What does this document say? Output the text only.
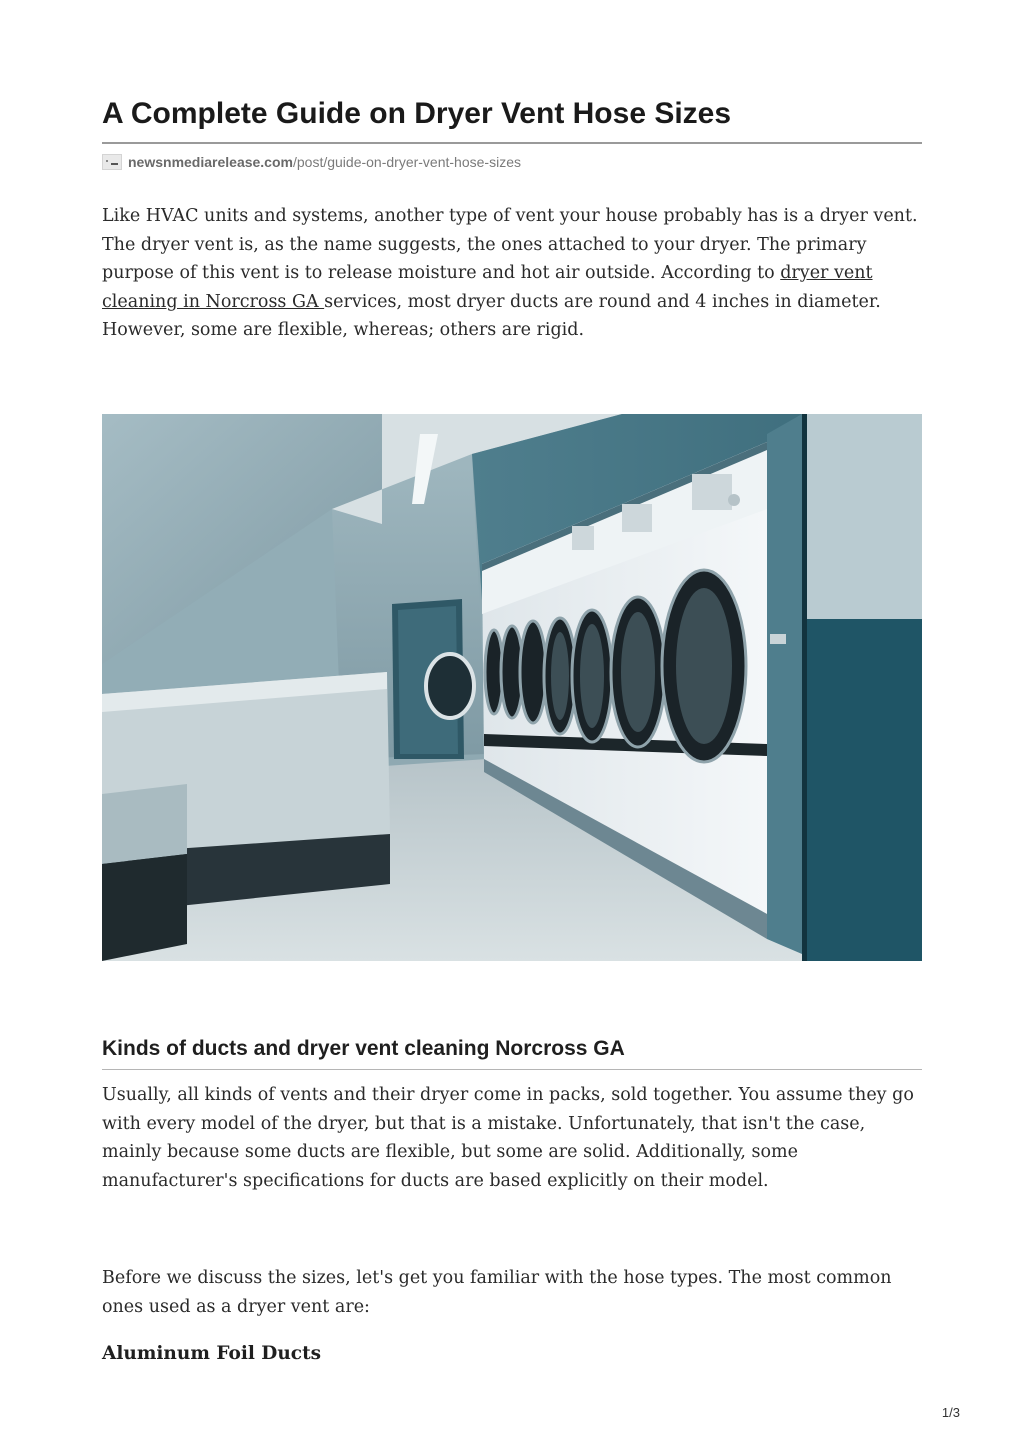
A Complete Guide on Dryer Vent Hose Sizes
newsnmediarelease.com /post/guide-on-dryer-vent-hose-sizes

Like HVAC units and systems, another type of vent your house probably has is a dryer vent. The dryer vent is, as the name suggests, the ones attached to your dryer. The primary purpose of this vent is to release moisture and hot air outside. According to dryer vent cleaning in Norcross GA services, most dryer ducts are round and 4 inches in diameter. However, some are flexible, whereas; others are rigid.

Kinds of ducts and dryer vent cleaning Norcross GA

Usually, all kinds of vents and their dryer come in packs, sold together. You assume they go with every model of the dryer, but that is a mistake. Unfortunately, that isn't the case, mainly because some ducts are flexible, but some are solid. Additionally, some manufacturer's specifications for ducts are based explicitly on their model.

Before we discuss the sizes, let's get you familiar with the hose types. The most common ones used as a dryer vent are:

Aluminum Foil Ducts
1/3
